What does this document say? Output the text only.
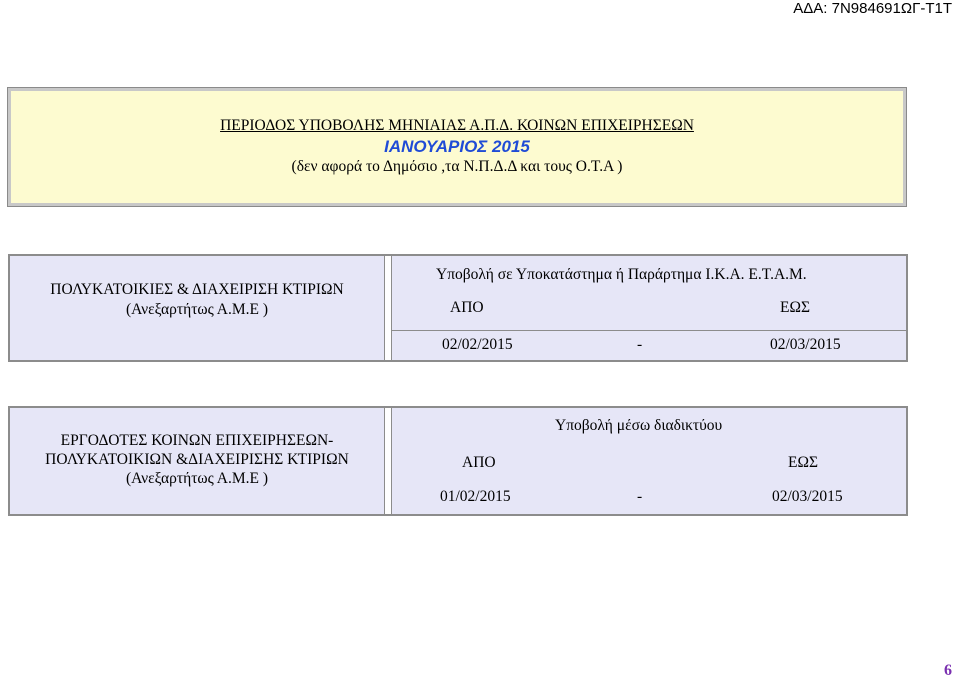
ΑΔΑ: 7Ν984691ΩΓ-Τ1Τ
ΠΕΡΙΟΔΟΣ ΥΠΟΒΟΛΗΣ ΜΗΝΙΑΙΑΣ Α.Π.Δ. ΚΟΙΝΩΝ ΕΠΙΧΕΙΡΗΣΕΩΝ
ΙΑΝΟΥΑΡΙΟΣ 2015
(δεν αφορά το Δημόσιο ,τα Ν.Π.Δ.Δ και τους Ο.Τ.Α )
ΠΟΛΥΚΑΤΟΙΚΙΕΣ & ΔΙΑΧΕΙΡΙΣΗ ΚΤΙΡΙΩΝ
(Ανεξαρτήτως Α.Μ.Ε )
Υποβολή σε Υποκατάστημα ή Παράρτημα Ι.Κ.Α. Ε.Τ.Α.Μ.
ΑΠΟ	ΕΩΣ
02/02/2015	-	02/03/2015
ΕΡΓΟΔΟΤΕΣ ΚΟΙΝΩΝ ΕΠΙΧΕΙΡΗΣΕΩΝ-
ΠΟΛΥΚΑΤΟΙΚΙΩΝ &ΔΙΑΧΕΙΡΙΣΗΣ ΚΤΙΡΙΩΝ
(Ανεξαρτήτως Α.Μ.Ε )
Υποβολή μέσω διαδικτύου
ΑΠΟ	ΕΩΣ
01/02/2015	-	02/03/2015
6
